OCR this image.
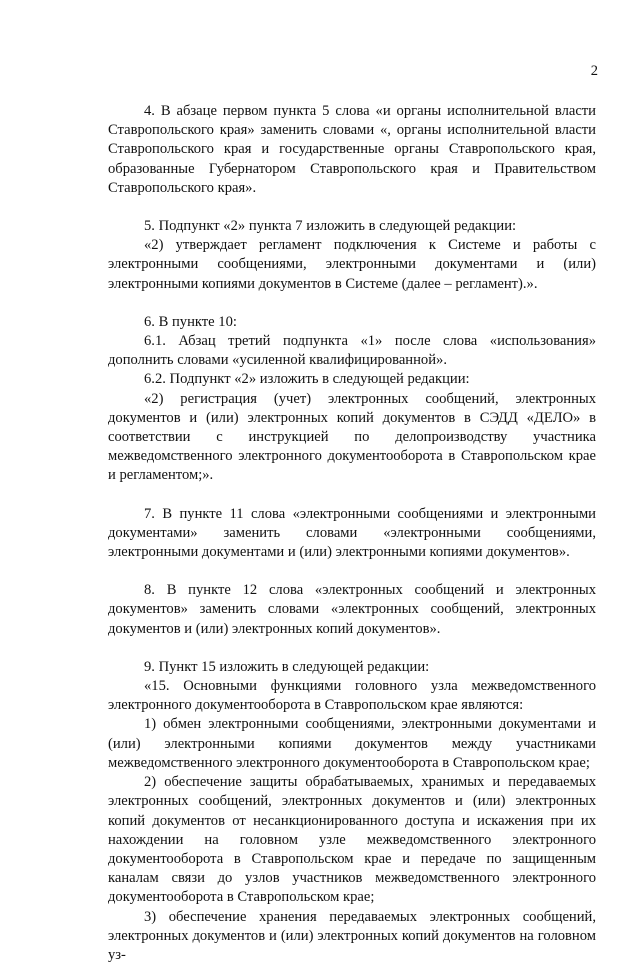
2

4. В абзаце первом пункта 5 слова «и органы исполнительной власти Ставропольского края» заменить словами «, органы исполнительной власти Ставропольского края и государственные органы Ставропольского края, образованные Губернатором Ставропольского края и Правительством Ставропольского края».

5. Подпункт «2» пункта 7 изложить в следующей редакции:

«2) утверждает регламент подключения к Системе и работы с электронными сообщениями, электронными документами и (или) электронными копиями документов в Системе (далее – регламент).».

6. В пункте 10:

6.1. Абзац третий подпункта «1» после слова «использования» дополнить словами «усиленной квалифицированной».

6.2. Подпункт «2» изложить в следующей редакции:

«2) регистрация (учет) электронных сообщений, электронных документов и (или) электронных копий документов в СЭДД «ДЕЛО» в соответствии с инструкцией по делопроизводству участника межведомственного электронного документооборота в Ставропольском крае и регламентом;».

7. В пункте 11 слова «электронными сообщениями и электронными документами» заменить словами «электронными сообщениями, электронными документами и (или) электронными копиями документов».

8. В пункте 12 слова «электронных сообщений и электронных документов» заменить словами «электронных сообщений, электронных документов и (или) электронных копий документов».

9. Пункт 15 изложить в следующей редакции:

«15. Основными функциями головного узла межведомственного электронного документооборота в Ставропольском крае являются:

1) обмен электронными сообщениями, электронными документами и (или) электронными копиями документов между участниками межведомственного электронного документооборота в Ставропольском крае;

2) обеспечение защиты обрабатываемых, хранимых и передаваемых электронных сообщений, электронных документов и (или) электронных копий документов от несанкционированного доступа и искажения при их нахождении на головном узле межведомственного электронного документооборота в Ставропольском крае и передаче по защищенным каналам связи до узлов участников межведомственного электронного документооборота в Ставропольском крае;

3) обеспечение хранения передаваемых электронных сообщений, электронных документов и (или) электронных копий документов на головном уз-
